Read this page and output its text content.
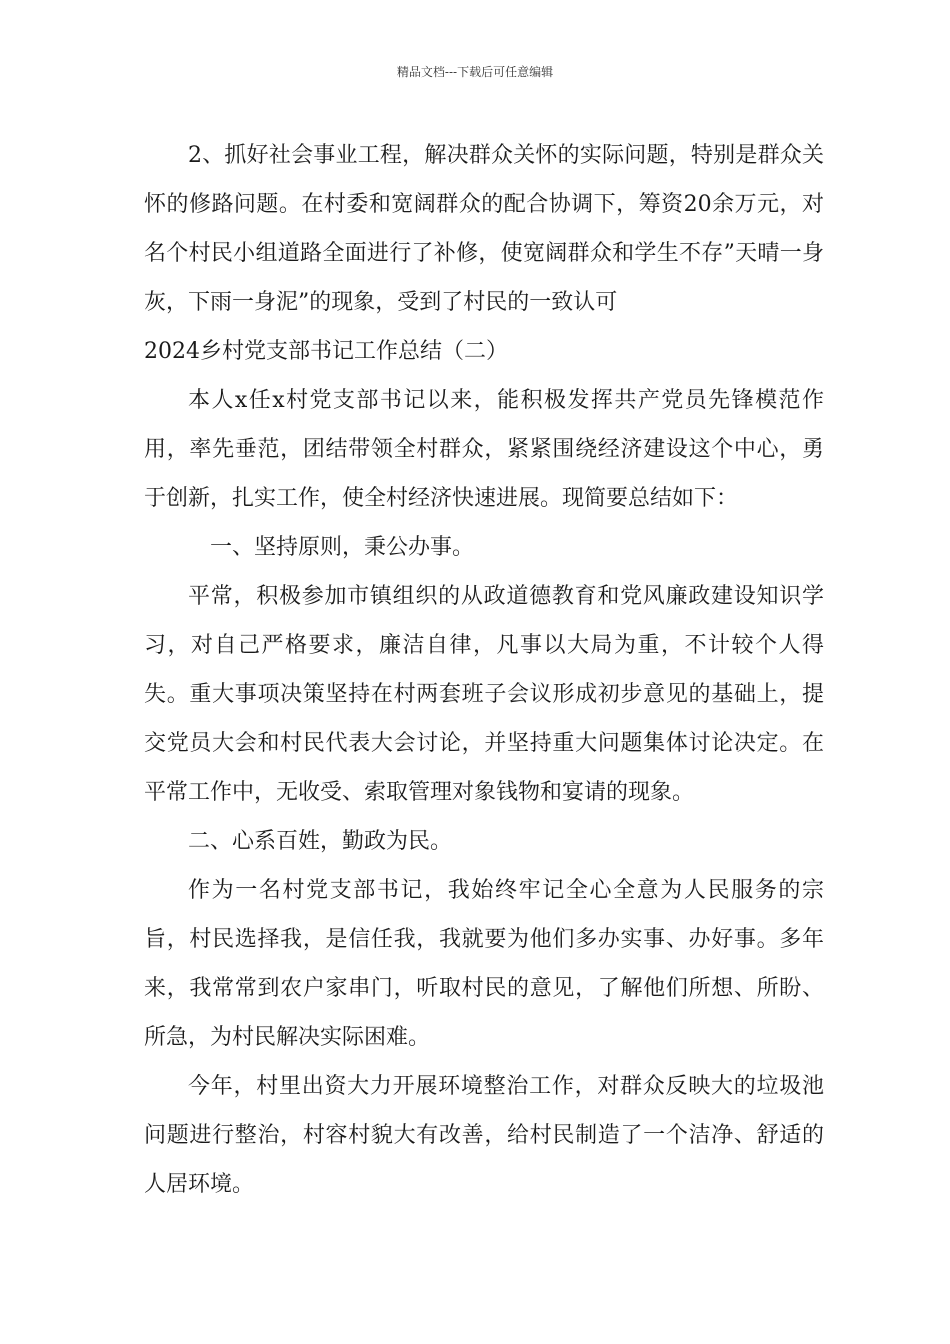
精品文档---下载后可任意编辑

2、抓好社会事业工程，解决群众关怀的实际问题，特别是群众关怀的修路问题。在村委和宽阔群众的配合协调下，筹资20余万元，对名个村民小组道路全面进行了补修，使宽阔群众和学生不存”天晴一身灰，下雨一身泥”的现象，受到了村民的一致认可

2024乡村党支部书记工作总结（二）

本人x任x村党支部书记以来，能积极发挥共产党员先锋模范作用，率先垂范，团结带领全村群众，紧紧围绕经济建设这个中心，勇于创新，扎实工作，使全村经济快速进展。现简要总结如下：

一、坚持原则，秉公办事。

平常，积极参加市镇组织的从政道德教育和党风廉政建设知识学习，对自己严格要求，廉洁自律，凡事以大局为重，不计较个人得失。重大事项决策坚持在村两套班子会议形成初步意见的基础上，提交党员大会和村民代表大会讨论，并坚持重大问题集体讨论决定。在平常工作中，无收受、索取管理对象钱物和宴请的现象。

二、心系百姓，勤政为民。

作为一名村党支部书记，我始终牢记全心全意为人民服务的宗旨，村民选择我，是信任我，我就要为他们多办实事、办好事。多年来，我常常到农户家串门，听取村民的意见，了解他们所想、所盼、所急，为村民解决实际困难。

今年，村里出资大力开展环境整治工作，对群众反映大的垃圾池问题进行整治，村容村貌大有改善，给村民制造了一个洁净、舒适的人居环境。
